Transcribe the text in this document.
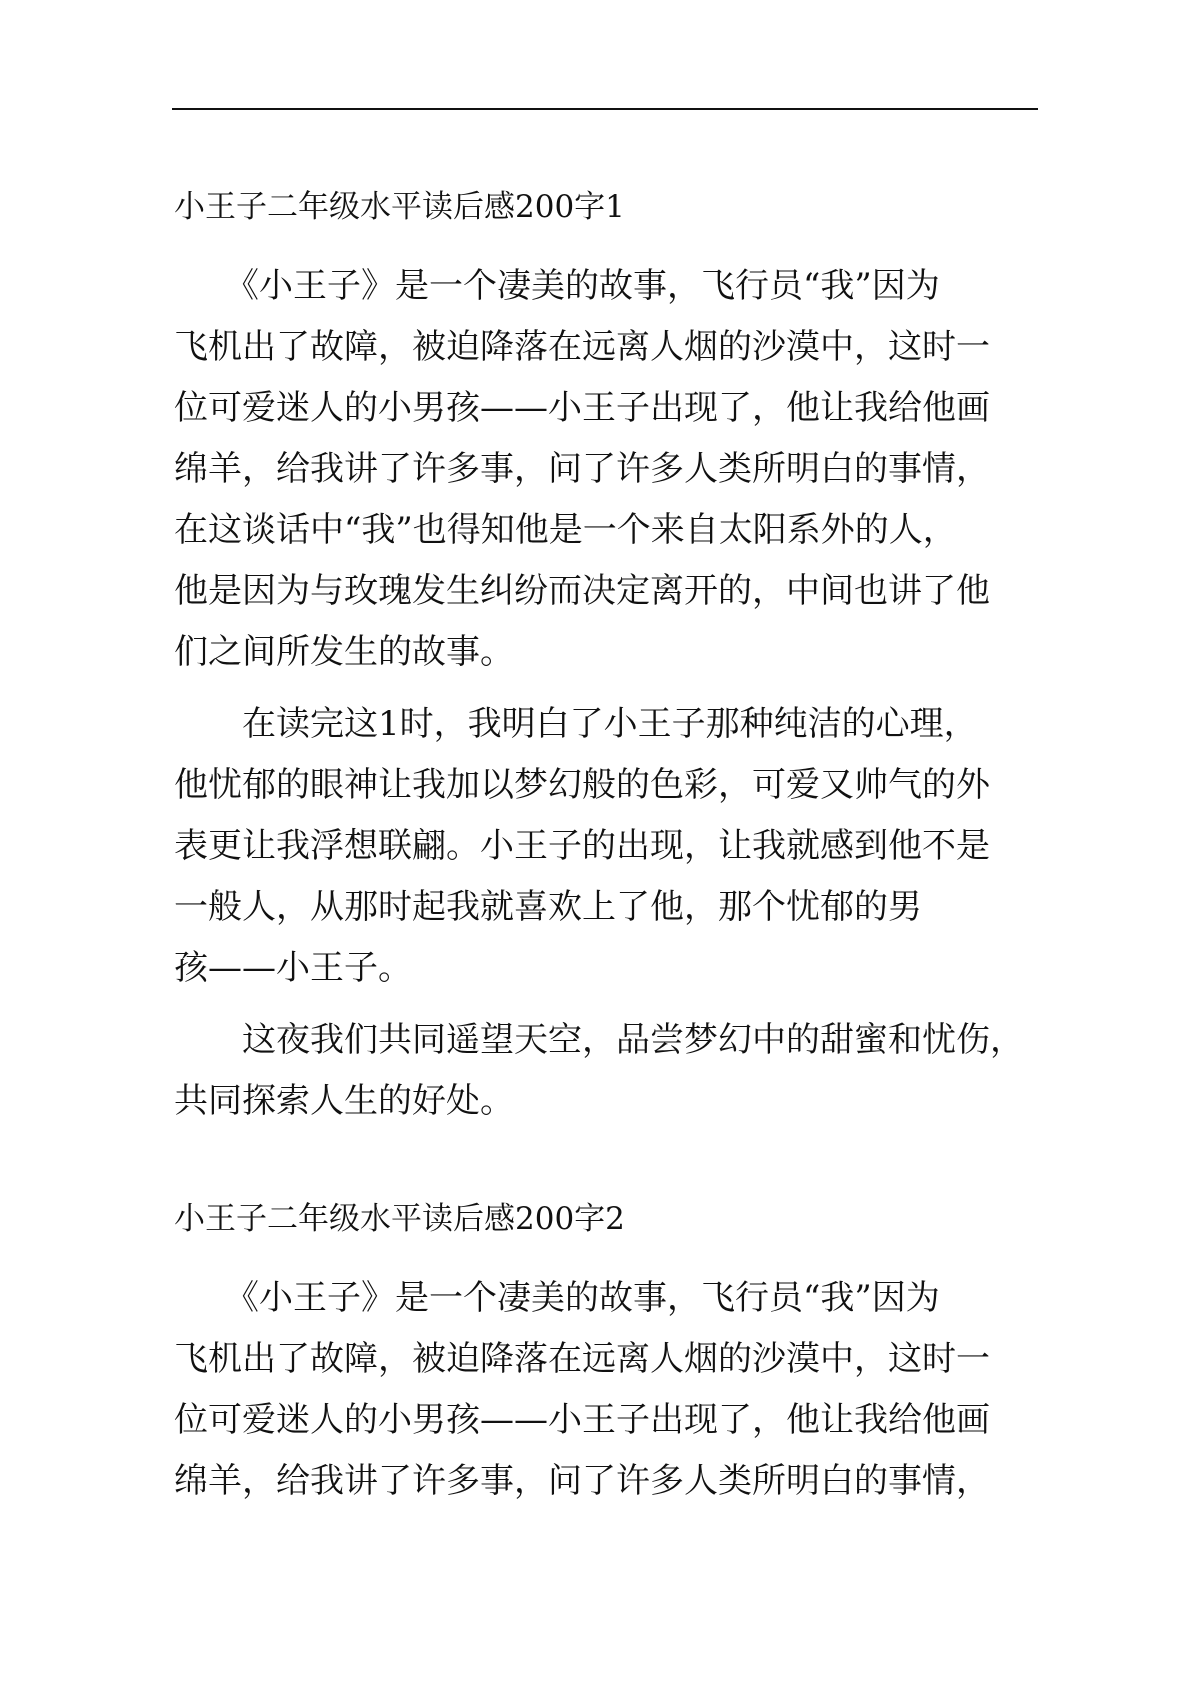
小王子二年级水平读后感200字1

　　《小王子》是一个凄美的故事，飞行员“我”因为
飞机出了故障，被迫降落在远离人烟的沙漠中，这时一
位可爱迷人的小男孩——小王子出现了，他让我给他画
绵羊，给我讲了许多事，问了许多人类所明白的事情，
在这谈话中“我”也得知他是一个来自太阳系外的人，
他是因为与玫瑰发生纠纷而决定离开的，中间也讲了他
们之间所发生的故事。

　　在读完这1时，我明白了小王子那种纯洁的心理，
他忧郁的眼神让我加以梦幻般的色彩，可爱又帅气的外
表更让我浮想联翩。小王子的出现，让我就感到他不是
一般人，从那时起我就喜欢上了他，那个忧郁的男
孩——小王子。

　　这夜我们共同遥望天空，品尝梦幻中的甜蜜和忧伤，
共同探索人生的好处。

小王子二年级水平读后感200字2

　　《小王子》是一个凄美的故事，飞行员“我”因为
飞机出了故障，被迫降落在远离人烟的沙漠中，这时一
位可爱迷人的小男孩——小王子出现了，他让我给他画
绵羊，给我讲了许多事，问了许多人类所明白的事情，
